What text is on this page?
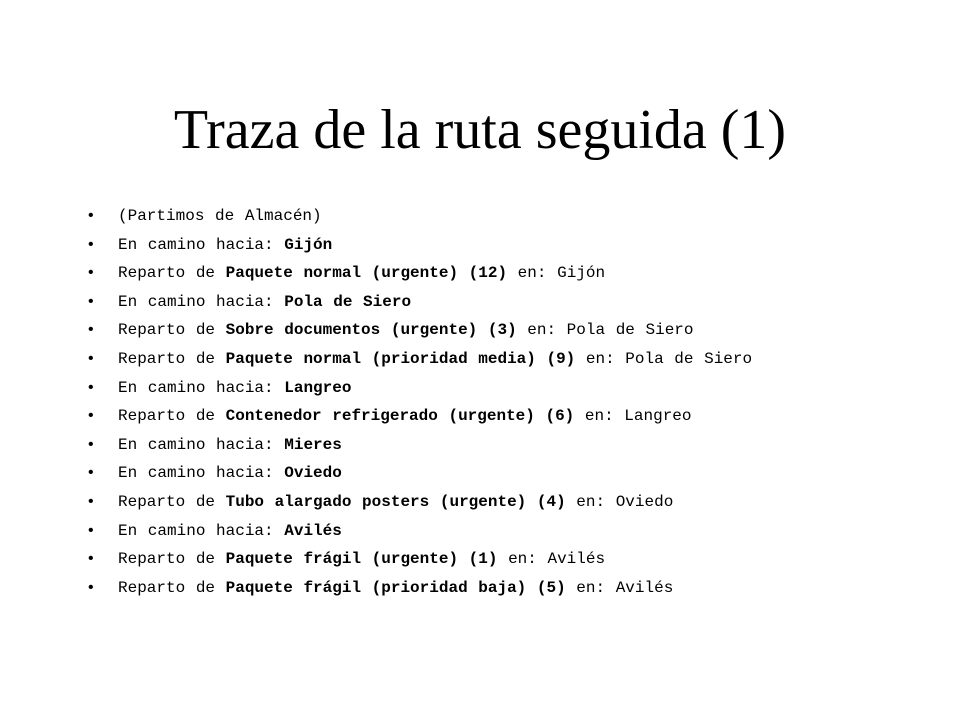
Traza de la ruta seguida (1)
• (Partimos de Almacén)
• En camino hacia: Gijón
• Reparto de Paquete normal (urgente) (12) en: Gijón
• En camino hacia: Pola de Siero
• Reparto de Sobre documentos (urgente) (3) en: Pola de Siero
• Reparto de Paquete normal (prioridad media) (9) en: Pola de Siero
• En camino hacia: Langreo
• Reparto de Contenedor refrigerado (urgente) (6) en: Langreo
• En camino hacia: Mieres
• En camino hacia: Oviedo
• Reparto de Tubo alargado posters (urgente) (4) en: Oviedo
• En camino hacia: Avilés
• Reparto de Paquete frágil (urgente) (1) en: Avilés
• Reparto de Paquete frágil (prioridad baja) (5) en: Avilés
